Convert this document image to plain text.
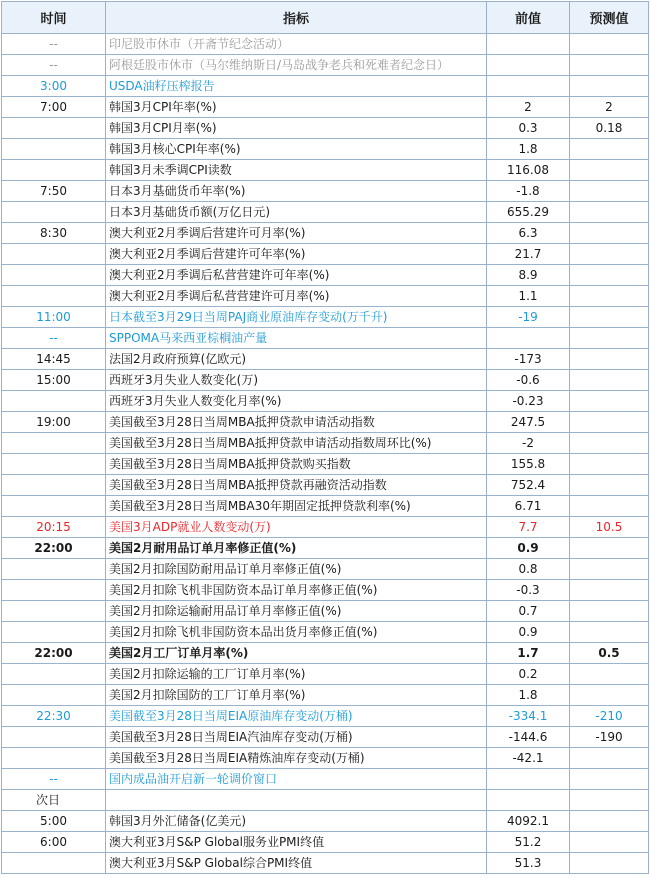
时间	指标	前值	预测值
--	印尼股市休市（开斋节纪念活动）		
--	阿根廷股市休市（马尔维纳斯日/马岛战争老兵和死难者纪念日）		
3:00	USDA油籽压榨报告		
7:00	韩国3月CPI年率(%)	2	2
	韩国3月CPI月率(%)	0.3	0.18
	韩国3月核心CPI年率(%)	1.8	
	韩国3月未季调CPI读数	116.08	
7:50	日本3月基础货币年率(%)	-1.8	
	日本3月基础货币额(万亿日元)	655.29	
8:30	澳大利亚2月季调后营建许可月率(%)	6.3	
	澳大利亚2月季调后营建许可年率(%)	21.7	
	澳大利亚2月季调后私营营建许可年率(%)	8.9	
	澳大利亚2月季调后私营营建许可月率(%)	1.1	
11:00	日本截至3月29日当周PAJ商业原油库存变动(万千升)	-19	
--	SPPOMA马来西亚棕榈油产量		
14:45	法国2月政府预算(亿欧元)	-173	
15:00	西班牙3月失业人数变化(万)	-0.6	
	西班牙3月失业人数变化月率(%)	-0.23	
19:00	美国截至3月28日当周MBA抵押贷款申请活动指数	247.5	
	美国截至3月28日当周MBA抵押贷款申请活动指数周环比(%)	-2	
	美国截至3月28日当周MBA抵押贷款购买指数	155.8	
	美国截至3月28日当周MBA抵押贷款再融资活动指数	752.4	
	美国截至3月28日当周MBA30年期固定抵押贷款利率(%)	6.71	
20:15	美国3月ADP就业人数变动(万)	7.7	10.5
22:00	美国2月耐用品订单月率修正值(%)	0.9	
	美国2月扣除国防耐用品订单月率修正值(%)	0.8	
	美国2月扣除飞机非国防资本品订单月率修正值(%)	-0.3	
	美国2月扣除运输耐用品订单月率修正值(%)	0.7	
	美国2月扣除飞机非国防资本品出货月率修正值(%)	0.9	
22:00	美国2月工厂订单月率(%)	1.7	0.5
	美国2月扣除运输的工厂订单月率(%)	0.2	
	美国2月扣除国防的工厂订单月率(%)	1.8	
22:30	美国截至3月28日当周EIA原油库存变动(万桶)	-334.1	-210
	美国截至3月28日当周EIA汽油库存变动(万桶)	-144.6	-190
	美国截至3月28日当周EIA精炼油库存变动(万桶)	-42.1	
--	国内成品油开启新一轮调价窗口		
次日			
5:00	韩国3月外汇储备(亿美元)	4092.1	
6:00	澳大利亚3月S&P Global服务业PMI终值	51.2	
	澳大利亚3月S&P Global综合PMI终值	51.3	
